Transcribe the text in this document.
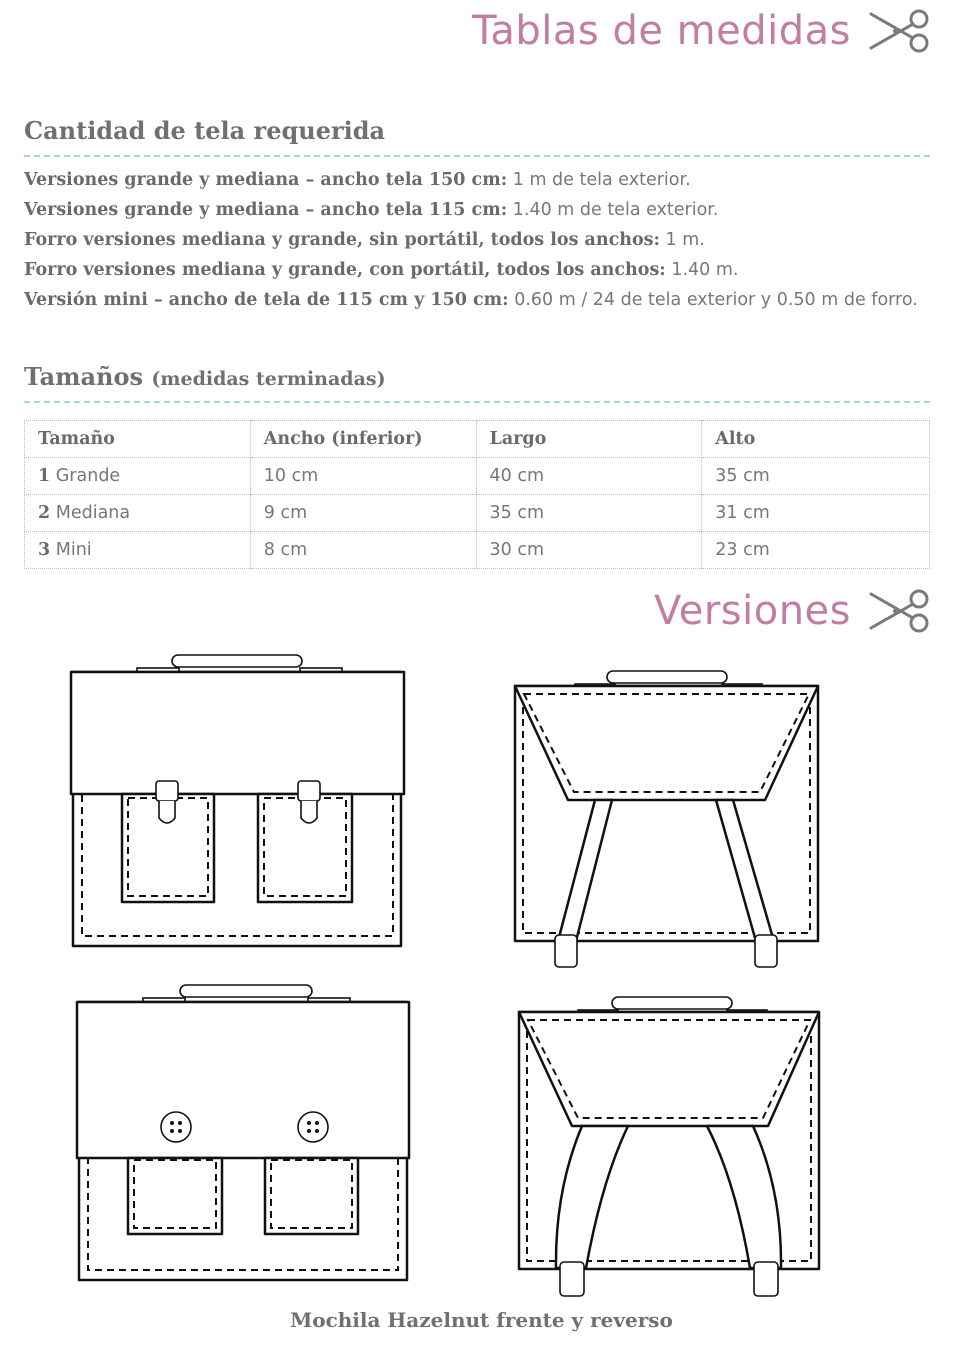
Tablas de medidas
Cantidad de tela requerida

Versiones grande y mediana – ancho tela 150 cm: 1 m de tela exterior.

Versiones grande y mediana – ancho tela 115 cm: 1.40 m de tela exterior.

Forro versiones mediana y grande, sin portátil, todos los anchos: 1 m.

Forro versiones mediana y grande, con portátil, todos los anchos: 1.40 m.

Versión mini – ancho de tela de 115 cm y 150 cm: 0.60 m / 24 de tela exterior y 0.50 m de forro.

Tamaños (medidas terminadas)
Tamaño	Ancho (inferior)	Largo	Alto
1 Grande	10 cm	40 cm	35 cm
2 Mediana	9 cm	35 cm	31 cm
3 Mini	8 cm	30 cm	23 cm
Versiones

Mochila Hazelnut frente y reverso
